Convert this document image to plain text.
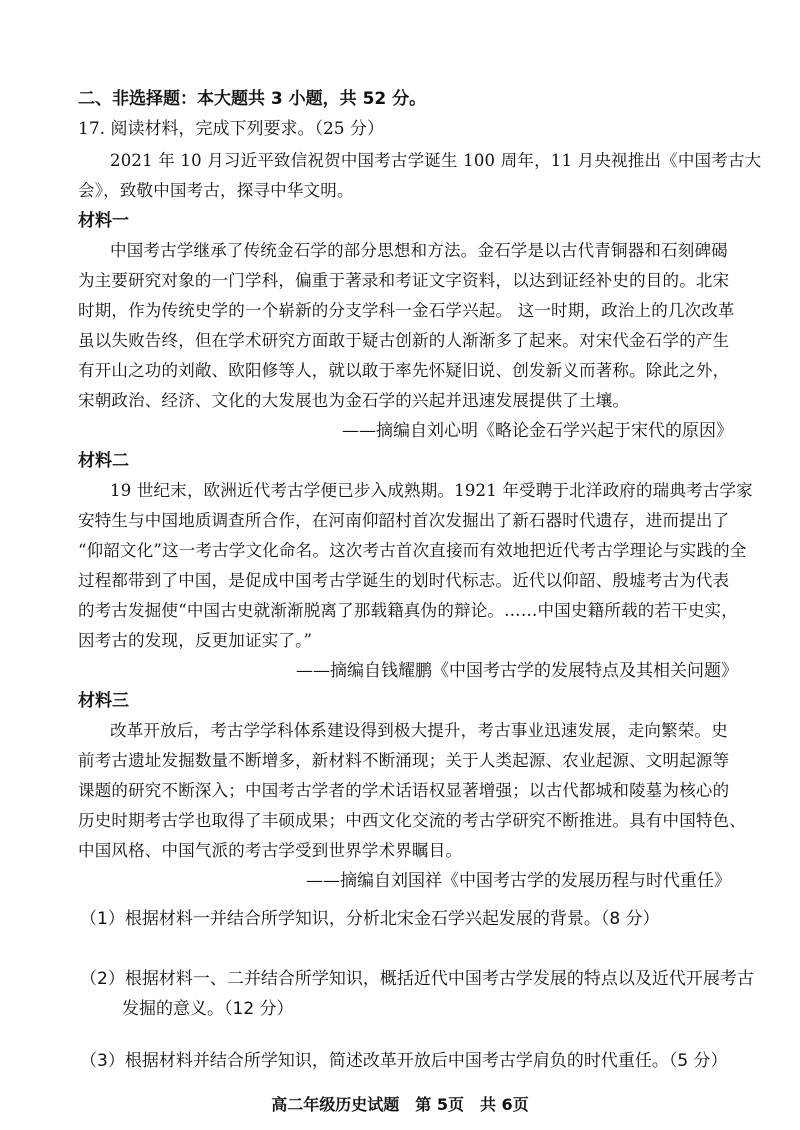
二、非选择题：本大题共 3 小题，共 52 分。
17. 阅读材料，完成下列要求。（25 分）
2021 年 10 月习近平致信祝贺中国考古学诞生 100 周年，11 月央视推出《中国考古大
会》，致敬中国考古，探寻中华文明。
材料一
中国考古学继承了传统金石学的部分思想和方法。金石学是以古代青铜器和石刻碑碣
为主要研究对象的一门学科，偏重于著录和考证文字资料，以达到证经补史的目的。北宋
时期，作为传统史学的一个崭新的分支学科一金石学兴起。 这一时期，政治上的几次改革
虽以失败告终，但在学术研究方面敢于疑古创新的人渐渐多了起来。对宋代金石学的产生
有开山之功的刘敞、欧阳修等人，就以敢于率先怀疑旧说、创发新义而著称。除此之外，
宋朝政治、经济、文化的大发展也为金石学的兴起并迅速发展提供了土壤。
——摘编自刘心明《略论金石学兴起于宋代的原因》
材料二
19 世纪末，欧洲近代考古学便已步入成熟期。1921 年受聘于北洋政府的瑞典考古学家
安特生与中国地质调查所合作，在河南仰韶村首次发掘出了新石器时代遗存，进而提出了
“仰韶文化”这一考古学文化命名。这次考古首次直接而有效地把近代考古学理论与实践的全
过程都带到了中国，是促成中国考古学诞生的划时代标志。近代以仰韶、殷墟考古为代表
的考古发掘使“中国古史就渐渐脱离了那载籍真伪的辩论。……中国史籍所载的若干史实，
因考古的发现，反更加证实了。”
——摘编自钱耀鹏《中国考古学的发展特点及其相关问题》
材料三
改革开放后，考古学学科体系建设得到极大提升，考古事业迅速发展，走向繁荣。史
前考古遗址发掘数量不断增多，新材料不断涌现；关于人类起源、农业起源、文明起源等
课题的研究不断深入；中国考古学者的学术话语权显著增强；以古代都城和陵墓为核心的
历史时期考古学也取得了丰硕成果；中西文化交流的考古学研究不断推进。具有中国特色、
中国风格、中国气派的考古学受到世界学术界瞩目。
——摘编自刘国祥《中国考古学的发展历程与时代重任》
（1）根据材料一并结合所学知识，分析北宋金石学兴起发展的背景。（8 分）
（2）根据材料一、二并结合所学知识，概括近代中国考古学发展的特点以及近代开展考古
发掘的意义。（12 分）
（3）根据材料并结合所学知识，简述改革开放后中国考古学肩负的时代重任。（5 分）
高二年级历史试题　第 5页　共 6页
